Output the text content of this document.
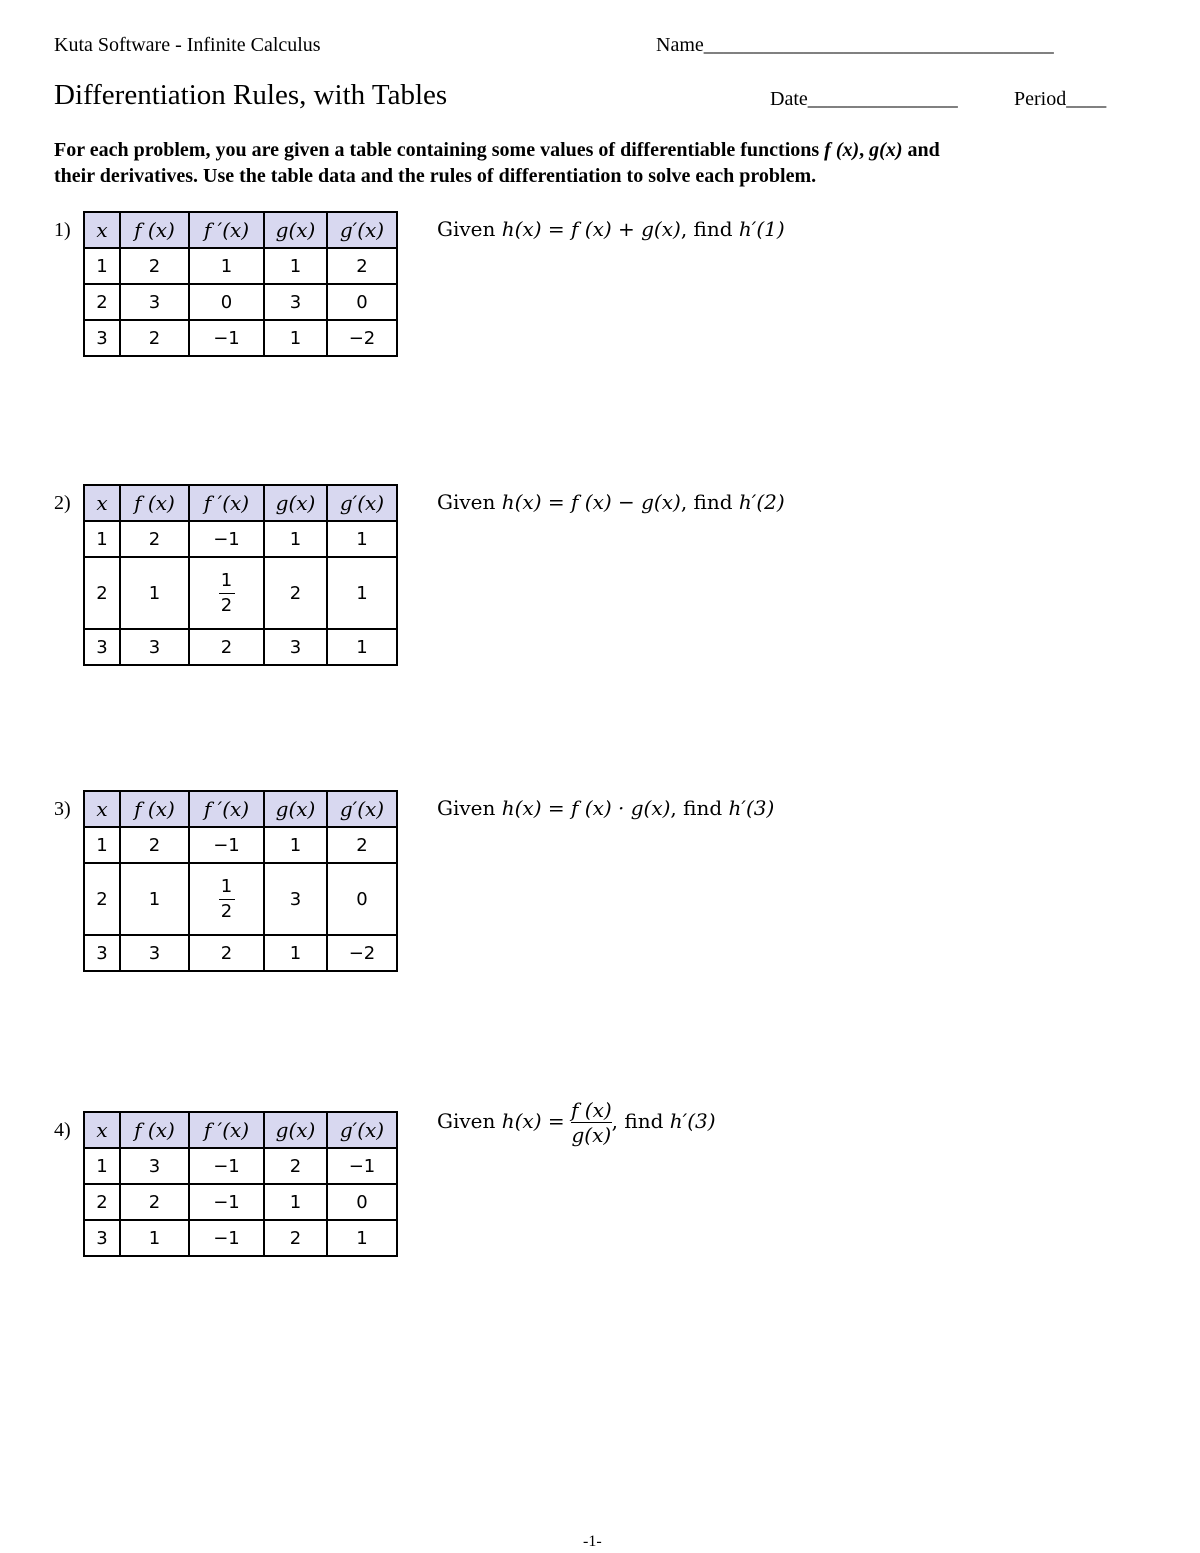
Kuta Software - Infinite Calculus	Name___________________________________
Differentiation Rules, with Tables	Date_______________	Period____
For each problem, you are given a table containing some values of differentiable functions f (x), g(x) and
their derivatives. Use the table data and the rules of differentiation to solve each problem.
1) x	f (x)	f ′(x)	g(x)	g′(x)
1	2	1	1	2
2	3	0	3	0
3	2	−1	1	−2
Given h(x) = f (x) + g(x), find h′(1)
2) x	f (x)	f ′(x)	g(x)	g′(x)
1	2	−1	1	1
2	1	$\frac{1}{2}$	2	1
3	3	2	3	1
Given h(x) = f (x) − g(x), find h′(2)
3) x	f (x)	f ′(x)	g(x)	g′(x)
1	2	−1	1	2
2	1	$\frac{1}{2}$	3	0
3	3	2	1	−2
Given h(x) = f (x) · g(x), find h′(3)
4) x	f (x)	f ′(x)	g(x)	g′(x)
1	3	−1	2	−1
2	2	−1	1	0
3	1	−1	2	1
Given $h(x) = \frac{f (x)}{g(x)}$ , find h′(3)
-1-
